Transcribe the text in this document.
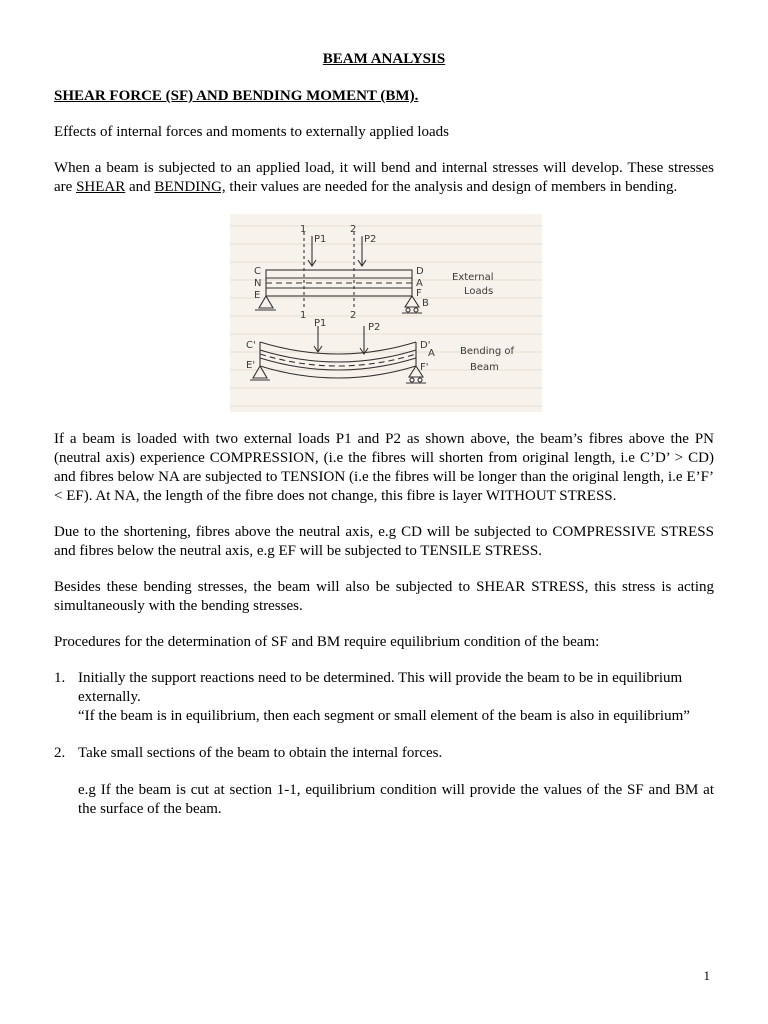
BEAM ANALYSIS
SHEAR FORCE (SF) AND BENDING MOMENT (BM).

Effects of internal forces and moments to externally applied loads

When a beam is subjected to an applied load, it will bend and internal stresses will develop. These stresses are SHEAR and BENDING, their values are needed for the analysis and design of members in bending.

1
P1
2
P2
C
N
E
D
A
F
B
1	2
External
Loads
P1	P2
C'
E'
D'
A
F'
Bending of
Beam

If a beam is loaded with two external loads P1 and P2 as shown above, the beam’s fibres above the PN (neutral axis) experience COMPRESSION, (i.e the fibres will shorten from original length, i.e C’D’ > CD) and fibres below NA are subjected to TENSION (i.e the fibres will be longer than the original length, i.e E’F’ < EF). At NA, the length of the fibre does not change, this fibre is layer WITHOUT STRESS.

Due to the shortening, fibres above the neutral axis, e.g CD will be subjected to COMPRESSIVE STRESS and fibres below the neutral axis, e.g EF will be subjected to TENSILE STRESS.

Besides these bending stresses, the beam will also be subjected to SHEAR STRESS, this stress is acting simultaneously with the bending stresses.

Procedures for the determination of SF and BM require equilibrium condition of the beam:

1. Initially the support reactions need to be determined. This will provide the beam to be in equilibrium externally.
“If the beam is in equilibrium, then each segment or small element of the beam is also in equilibrium”
2. Take small sections of the beam to obtain the internal forces.

e.g If the beam is cut at section 1-1, equilibrium condition will provide the values of the SF and BM at the surface of the beam.

1
